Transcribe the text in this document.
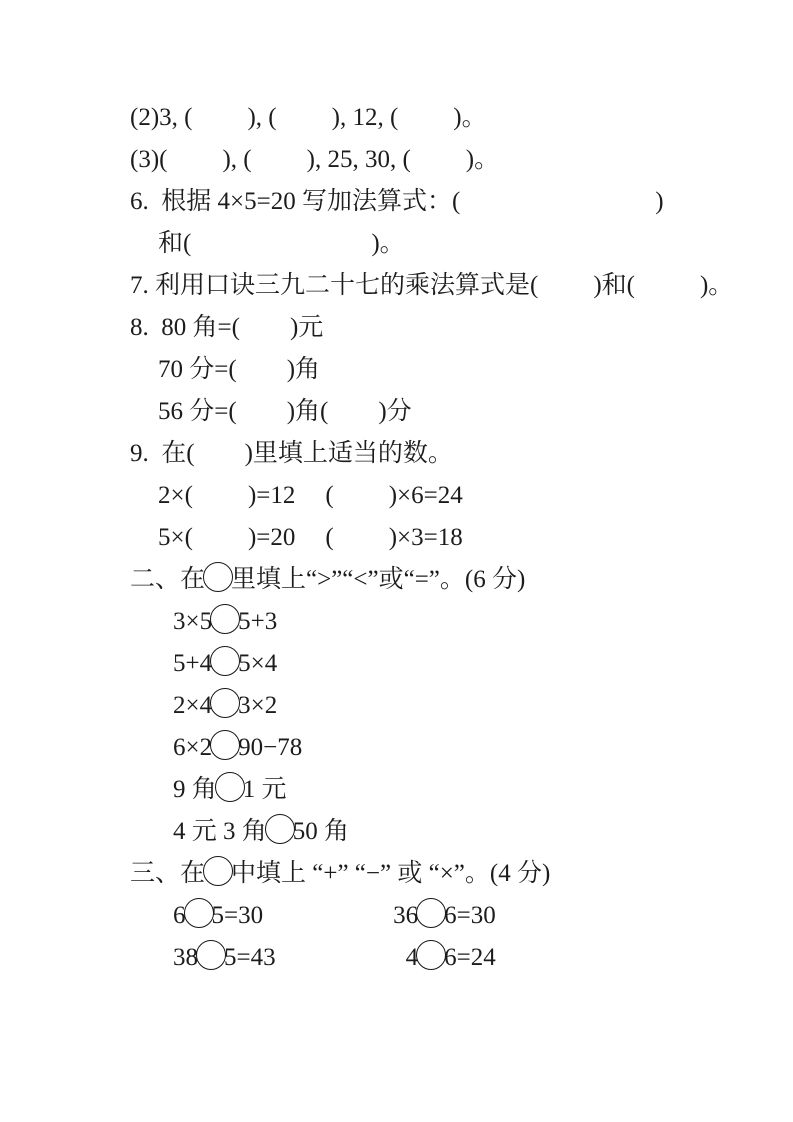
(2)3, ( ), ( ), 12, ( )。
(3)( ), ( ), 25, 30, ( )。
6.  根据 4×5=20 写加法算式：(	)
和(	)。
7. 利用口诀三九二十七的乘法算式是( )和(	)。
8.  80 角=( )元
70 分=( )角
56 分=( )角( )分
9.  在( )里填上适当的数。
2×( )=12 ( )×6=24
5×( )=20 ( )×3=18
二、在 里填上“>”“<”或“=”。(6 分)
3×5 5+3
5+4 5×4
2×4 3×2
6×2 90−78
9 角 1 元
4 元 3 角 50 角
三、在 中填上 “+” “−” 或 “×”。(4 分)
6 5=30	36 6=30
38 5=43	4 6=24
